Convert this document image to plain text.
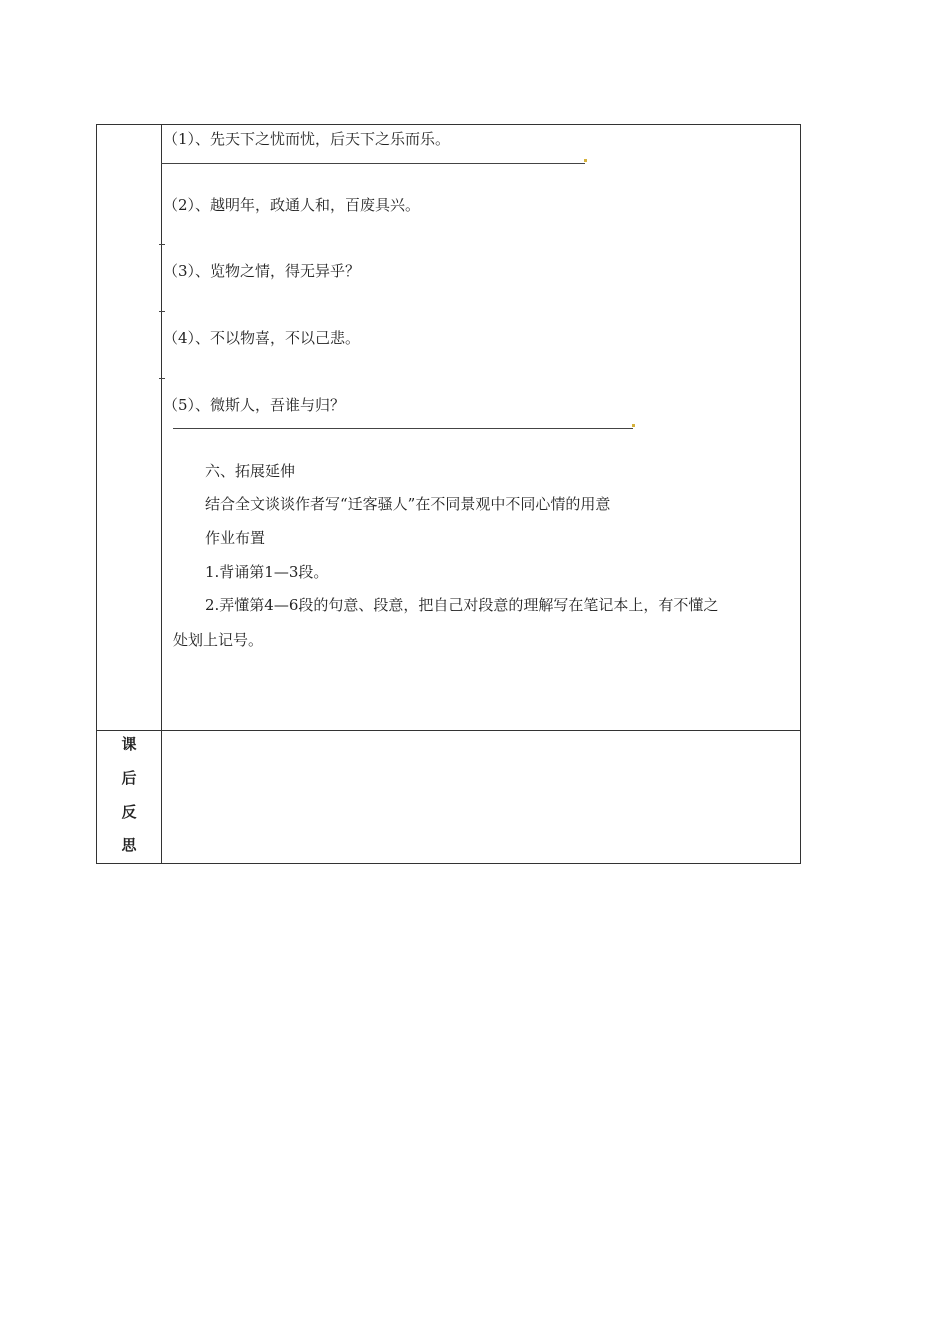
（1）、先天下之忧而忧，后天下之乐而乐。
（2）、越明年，政通人和，百废具兴。
（3）、览物之情，得无异乎？
（4）、不以物喜，不以己悲。
（5）、微斯人，吾谁与归？
六、拓展延伸
结合全文谈谈作者写“迁客骚人”在不同景观中不同心情的用意
作业布置
1.背诵第1—3段。
2.弄懂第4—6段的句意、段意，把自己对段意的理解写在笔记本上，有不懂之
处划上记号。
课
后
反
思
